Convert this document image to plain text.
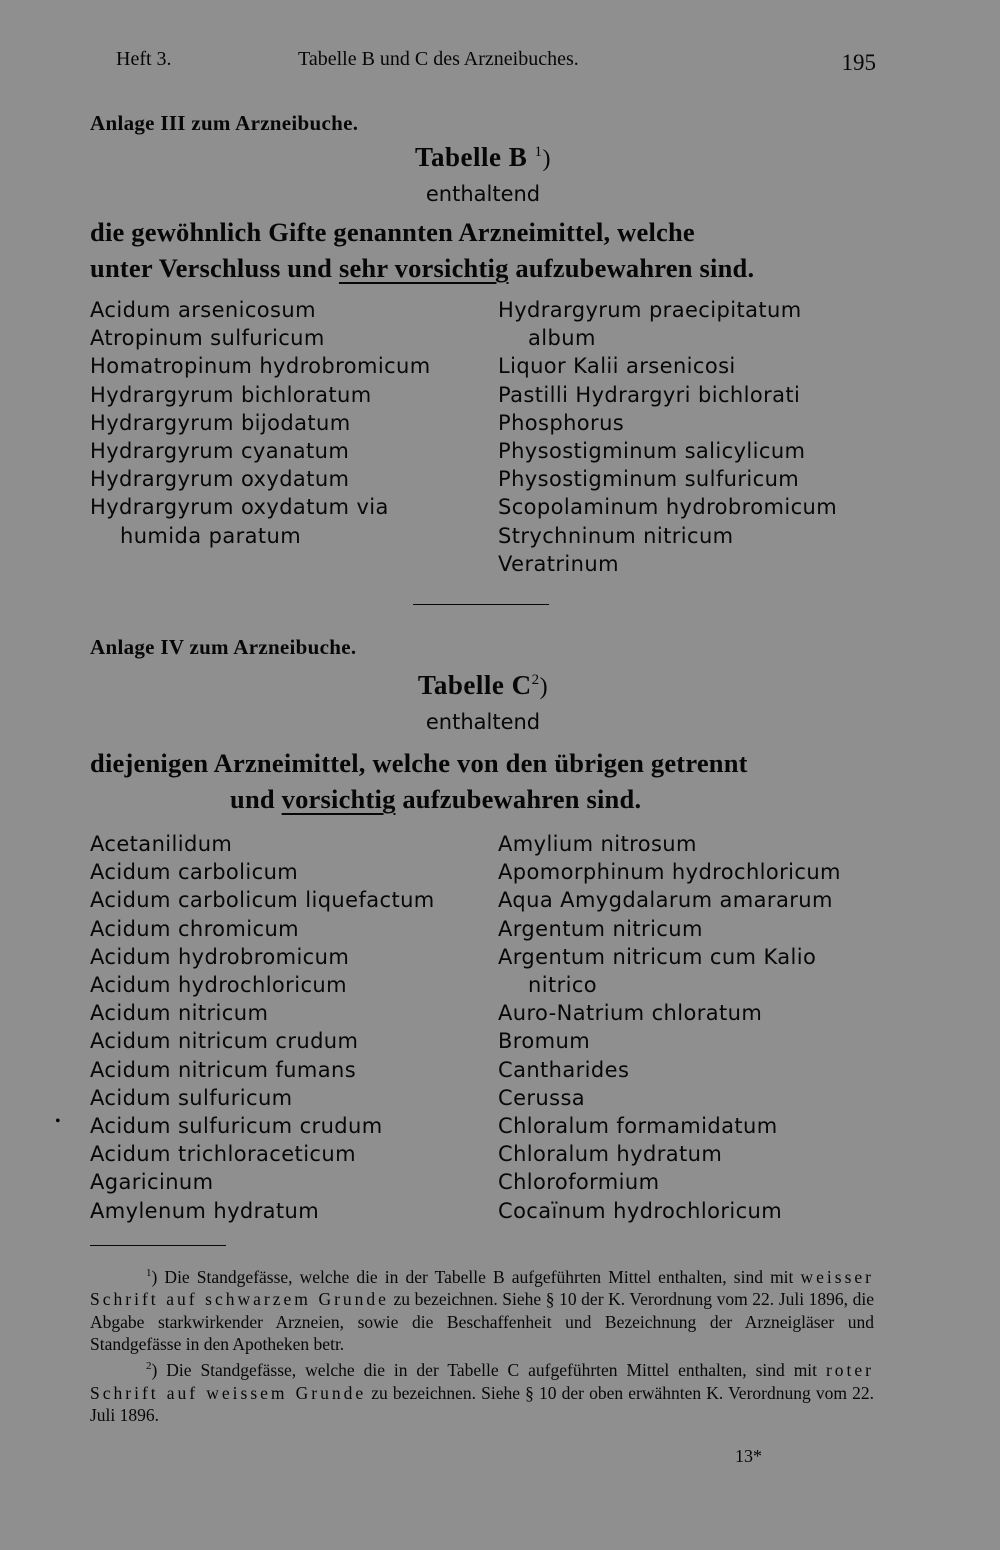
Heft 3.	Tabelle B und C des Arzneibuches.	195
Anlage III zum Arzneibuche.
Tabelle B $^1$)
enthaltend
die gewöhnlich Gifte genannten Arzneimittel, welche
unter Verschluss und sehr vorsichtig aufzubewahren sind.
Acidum arsenicosum
Atropinum sulfuricum
Homatropinum hydrobromicum
Hydrargyrum bichloratum
Hydrargyrum bijodatum
Hydrargyrum cyanatum
Hydrargyrum oxydatum
Hydrargyrum oxydatum via
humida paratum
Hydrargyrum praecipitatum
album
Liquor Kalii arsenicosi
Pastilli Hydrargyri bichlorati
Phosphorus
Physostigminum salicylicum
Physostigminum sulfuricum
Scopolaminum hydrobromicum
Strychninum nitricum
Veratrinum
Anlage IV zum Arzneibuche.
Tabelle $C^2$)
enthaltend
diejenigen Arzneimittel, welche von den übrigen getrennt
und vorsichtig aufzubewahren sind.
Acetanilidum
Acidum carbolicum
Acidum carbolicum liquefactum
Acidum chromicum
Acidum hydrobromicum
Acidum hydrochloricum
Acidum nitricum
Acidum nitricum crudum
Acidum nitricum fumans
Acidum sulfuricum
Acidum sulfuricum crudum
Acidum trichloraceticum
Agaricinum
Amylenum hydratum
Amylium nitrosum
Apomorphinum hydrochloricum
Aqua Amygdalarum amararum
Argentum nitricum
Argentum nitricum cum Kalio
nitrico
Auro-Natrium chloratum
Bromum
Cantharides
Cerussa
Chloralum formamidatum
Chloralum hydratum
Chloroformium
Cocaïnum hydrochloricum
•

$^1$) Die Standgefässe, welche die in der Tabelle B aufgeführten Mittel enthalten, sind mit weisser Schrift auf schwarzem Grunde zu bezeichnen. Siehe § 10 der K. Verordnung vom 22. Juli 1896, die Abgabe starkwirkender Arzneien, sowie die Beschaffenheit und Bezeichnung der Arzneigläser und Standgefässe in den Apotheken betr.

$^2$) Die Standgefässe, welche die in der Tabelle C aufgeführten Mittel enthalten, sind mit roter Schrift auf weissem Grunde zu bezeichnen. Siehe § 10 der oben erwähnten K. Verordnung vom 22. Juli 1896.

13*
